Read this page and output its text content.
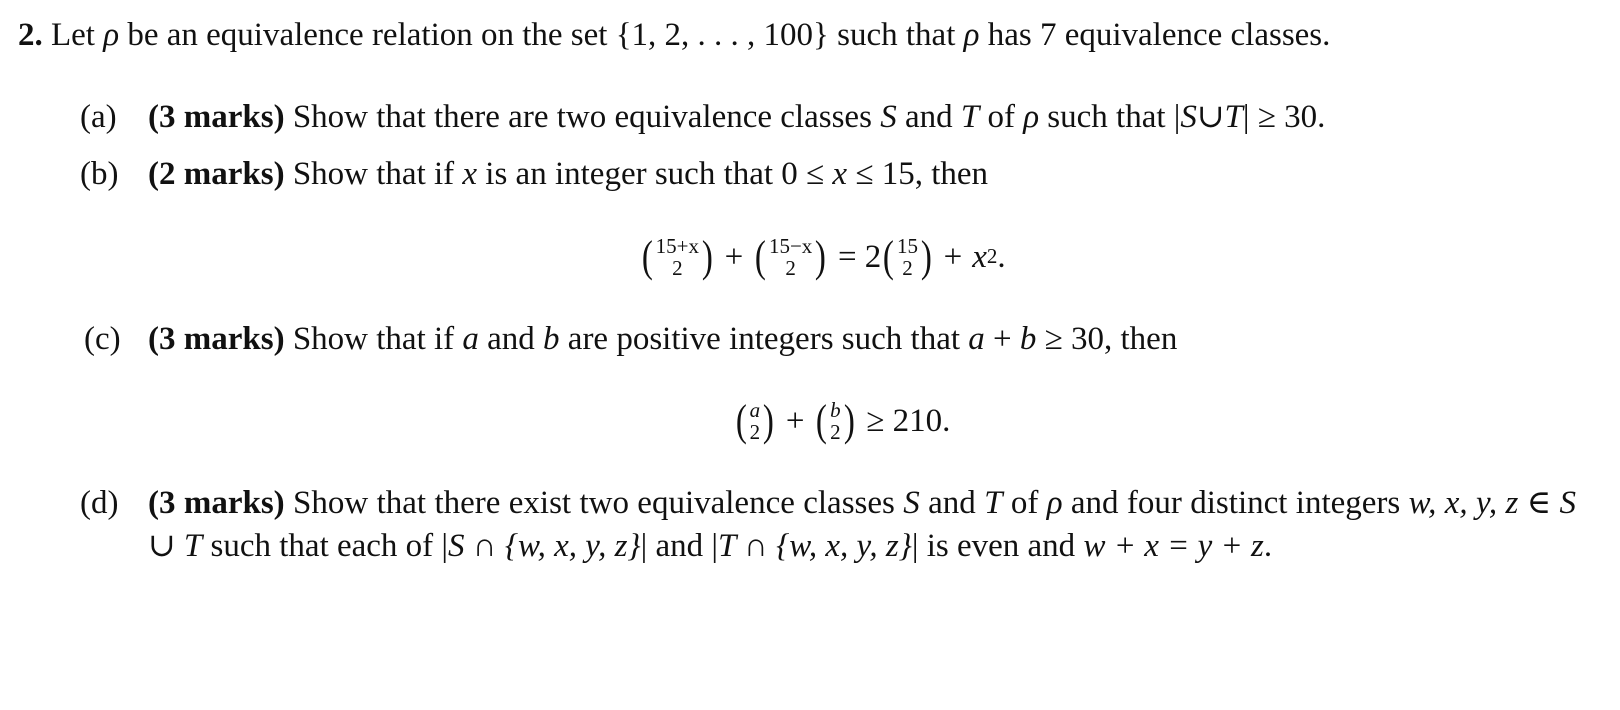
2. Let ρ be an equivalence relation on the set {1, 2, . . . , 100} such that ρ has 7 equivalence classes.
(a) (3 marks) Show that there are two equivalence classes S and T of ρ such that |S∪T| ≥ 30.
(b) (2 marks) Show that if x is an integer such that 0 ≤ x ≤ 15, then
( 15+x
2 ) + ( 15−x
2 ) = 2 ( 15
2 ) + x 2 .
(c) (3 marks) Show that if a and b are positive integers such that a + b ≥ 30, then
( a
2 ) + ( b
2 ) ≥ 210.
(d) (3 marks) Show that there exist two equivalence classes S and T of ρ and four distinct integers w, x, y, z ∈ S ∪ T such that each of |S ∩ {w, x, y, z}| and |T ∩ {w, x, y, z}| is even and w + x = y + z.
